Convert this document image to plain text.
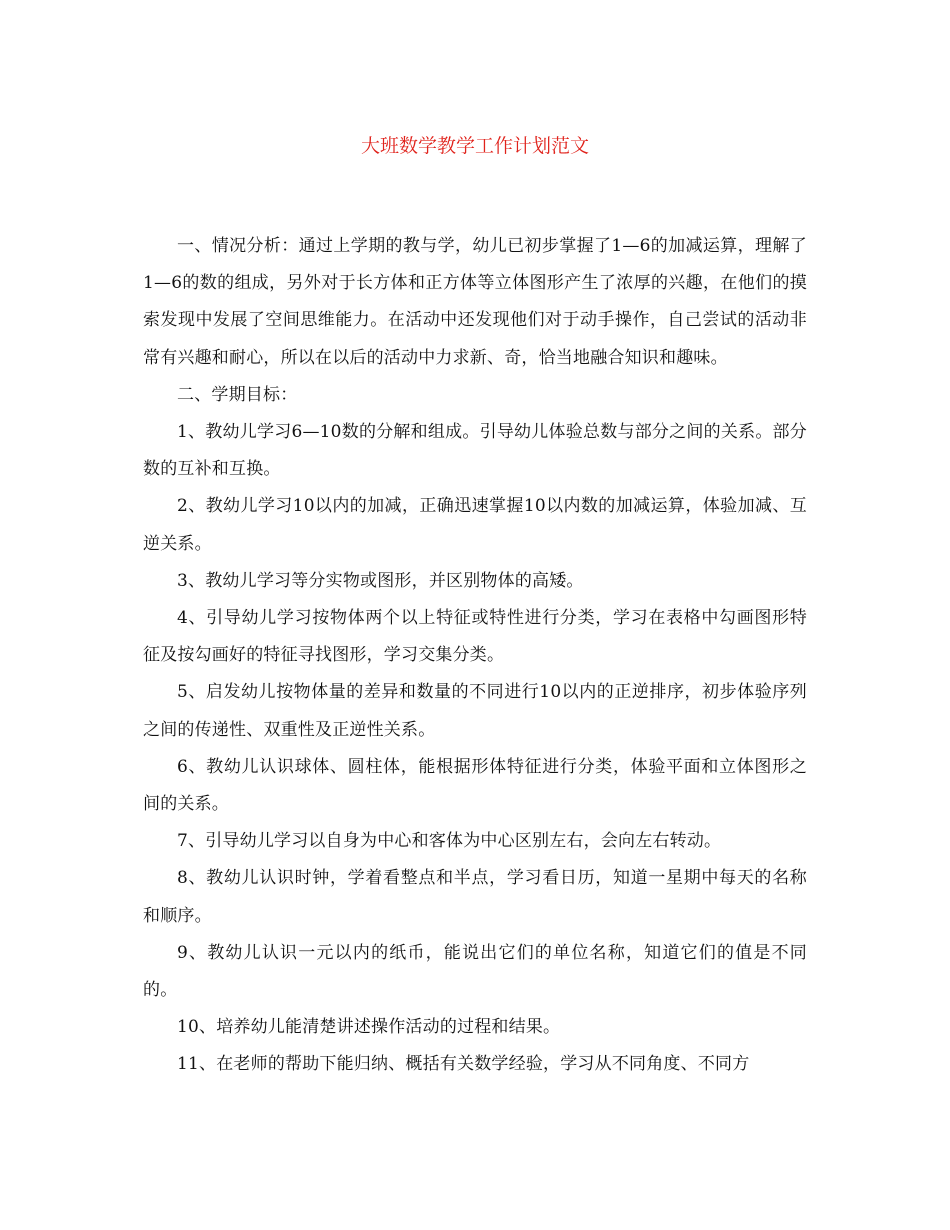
大班数学教学工作计划范文

一、情况分析：通过上学期的教与学，幼儿已初步掌握了1—6的加减运算，理解了1—6的数的组成，另外对于长方体和正方体等立体图形产生了浓厚的兴趣，在他们的摸索发现中发展了空间思维能力。在活动中还发现他们对于动手操作，自己尝试的活动非常有兴趣和耐心，所以在以后的活动中力求新、奇，恰当地融合知识和趣味。

二、学期目标：

1、教幼儿学习6—10数的分解和组成。引导幼儿体验总数与部分之间的关系。部分数的互补和互换。

2、教幼儿学习10以内的加减，正确迅速掌握10以内数的加减运算，体验加减、互逆关系。

3、教幼儿学习等分实物或图形，并区别物体的高矮。

4、引导幼儿学习按物体两个以上特征或特性进行分类，学习在表格中勾画图形特征及按勾画好的特征寻找图形，学习交集分类。

5、启发幼儿按物体量的差异和数量的不同进行10以内的正逆排序，初步体验序列之间的传递性、双重性及正逆性关系。

6、教幼儿认识球体、圆柱体，能根据形体特征进行分类，体验平面和立体图形之间的关系。

7、引导幼儿学习以自身为中心和客体为中心区别左右，会向左右转动。

8、教幼儿认识时钟，学着看整点和半点，学习看日历，知道一星期中每天的名称和顺序。

9、教幼儿认识一元以内的纸币，能说出它们的单位名称，知道它们的值是不同的。

10、培养幼儿能清楚讲述操作活动的过程和结果。

11、在老师的帮助下能归纳、概括有关数学经验，学习从不同角度、不同方
